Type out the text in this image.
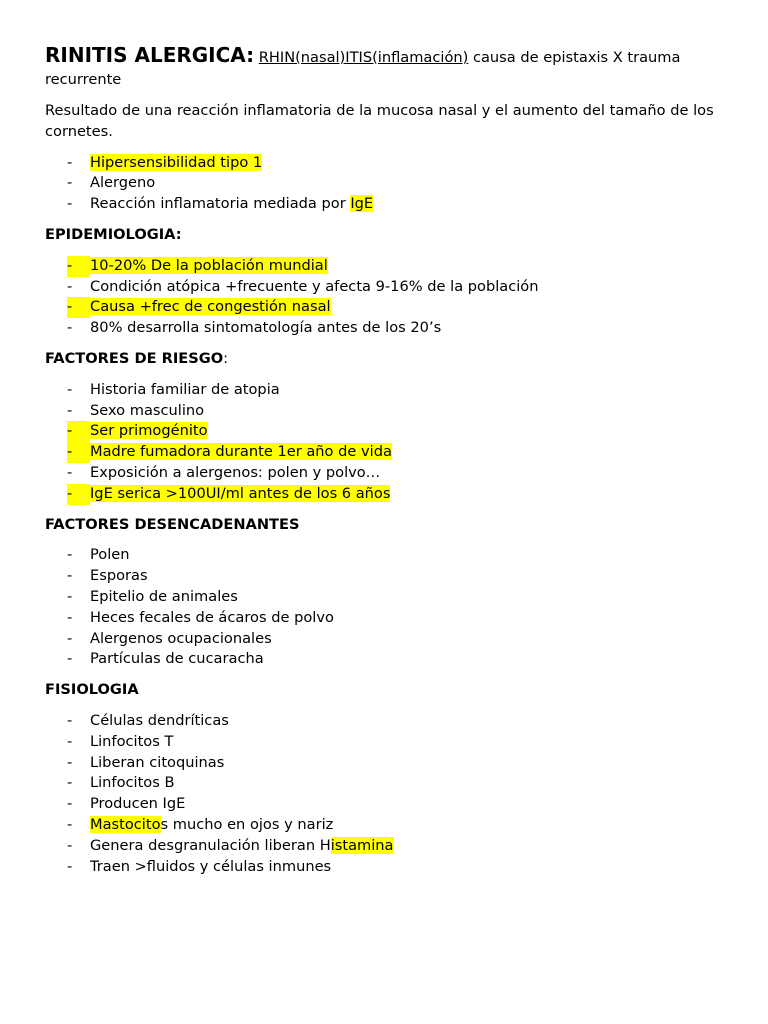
RINITIS ALERGICA: RHIN(nasal)ITIS(inflamación) causa de epistaxis X trauma recurrente

Resultado de una reacción inflamatoria de la mucosa nasal y el aumento del tamaño de los cornetes.

- Hipersensibilidad tipo 1
- Alergeno
- Reacción inflamatoria mediada por IgE
EPIDEMIOLOGIA:
- 10-20% De la población mundial
- Condición atópica +frecuente y afecta 9-16% de la población
- Causa +frec de congestión nasal
- 80% desarrolla sintomatología antes de los 20’s
FACTORES DE RIESGO:
- Historia familiar de atopia
- Sexo masculino
- Ser primogénito
- Madre fumadora durante 1er año de vida
- Exposición a alergenos: polen y polvo…
- IgE serica >100UI/ml antes de los 6 años
FACTORES DESENCADENANTES
- Polen
- Esporas
- Epitelio de animales
- Heces fecales de ácaros de polvo
- Alergenos ocupacionales
- Partículas de cucaracha
FISIOLOGIA
- Células dendríticas
- Linfocitos T
- Liberan citoquinas
- Linfocitos B
- Producen IgE
- Mastocitos mucho en ojos y nariz
- Genera desgranulación liberan Histamina
- Traen >fluidos y células inmunes
